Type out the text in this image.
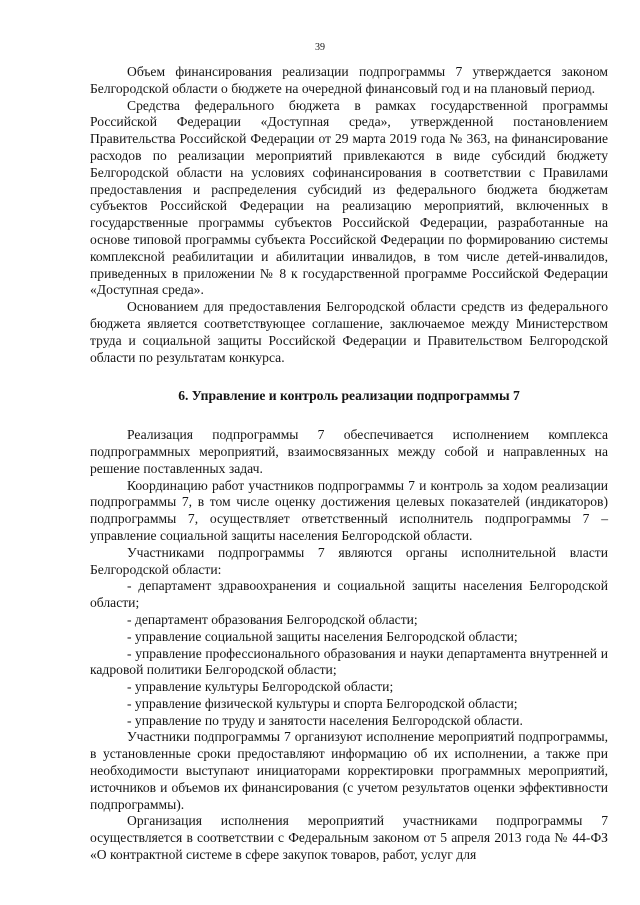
39

Объем финансирования реализации подпрограммы 7 утверждается законом Белгородской области о бюджете на очередной финансовый год и на плановый период.

Средства федерального бюджета в рамках государственной программы Российской Федерации «Доступная среда», утвержденной постановлением Правительства Российской Федерации от 29 марта 2019 года № 363, на финансирование расходов по реализации мероприятий привлекаются в виде субсидий бюджету Белгородской области на условиях софинансирования в соответствии с Правилами предоставления и распределения субсидий из федерального бюджета бюджетам субъектов Российской Федерации на реализацию мероприятий, включенных в государственные программы субъектов Российской Федерации, разработанные на основе типовой программы субъекта Российской Федерации по формированию системы комплексной реабилитации и абилитации инвалидов, в том числе детей-инвалидов, приведенных в приложении № 8 к государственной программе Российской Федерации «Доступная среда».

Основанием для предоставления Белгородской области средств из федерального бюджета является соответствующее соглашение, заключаемое между Министерством труда и социальной защиты Российской Федерации и Правительством Белгородской области по результатам конкурса.

6. Управление и контроль реализации подпрограммы 7

Реализация подпрограммы 7 обеспечивается исполнением комплекса подпрограммных мероприятий, взаимосвязанных между собой и направленных на решение поставленных задач.

Координацию работ участников подпрограммы 7 и контроль за ходом реализации подпрограммы 7, в том числе оценку достижения целевых показателей (индикаторов) подпрограммы 7, осуществляет ответственный исполнитель подпрограммы 7 – управление социальной защиты населения Белгородской области.

Участниками подпрограммы 7 являются органы исполнительной власти Белгородской области:

- департамент здравоохранения и социальной защиты населения Белгородской области;

- департамент образования Белгородской области;

- управление социальной защиты населения Белгородской области;

- управление профессионального образования и науки департамента внутренней и кадровой политики Белгородской области;

- управление культуры Белгородской области;

- управление физической культуры и спорта Белгородской области;

- управление по труду и занятости населения Белгородской области.

Участники подпрограммы 7 организуют исполнение мероприятий подпрограммы, в установленные сроки предоставляют информацию об их исполнении, а также при необходимости выступают инициаторами корректировки программных мероприятий, источников и объемов их финансирования (с учетом результатов оценки эффективности подпрограммы).

Организация исполнения мероприятий участниками подпрограммы 7 осуществляется в соответствии с Федеральным законом от 5 апреля 2013 года № 44-ФЗ «О контрактной системе в сфере закупок товаров, работ, услуг для
